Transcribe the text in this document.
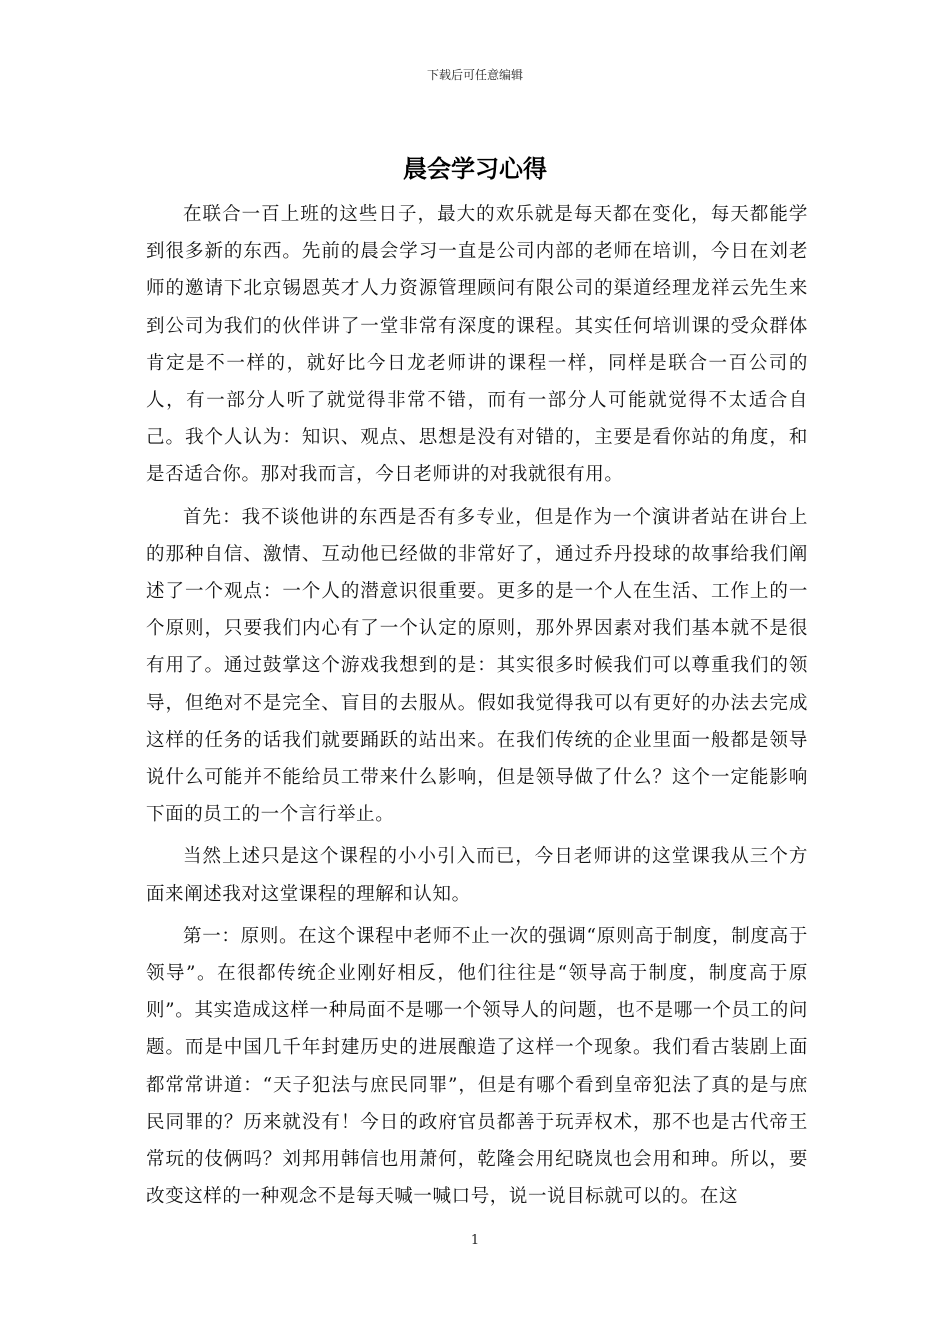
下载后可任意编辑
晨会学习心得

在联合一百上班的这些日子，最大的欢乐就是每天都在变化，每天都能学到很多新的东西。先前的晨会学习一直是公司内部的老师在培训，今日在刘老师的邀请下北京锡恩英才人力资源管理顾问有限公司的渠道经理龙祥云先生来到公司为我们的伙伴讲了一堂非常有深度的课程。其实任何培训课的受众群体肯定是不一样的，就好比今日龙老师讲的课程一样，同样是联合一百公司的人，有一部分人听了就觉得非常不错，而有一部分人可能就觉得不太适合自己。我个人认为：知识、观点、思想是没有对错的，主要是看你站的角度，和是否适合你。那对我而言，今日老师讲的对我就很有用。

首先：我不谈他讲的东西是否有多专业，但是作为一个演讲者站在讲台上的那种自信、激情、互动他已经做的非常好了，通过乔丹投球的故事给我们阐述了一个观点：一个人的潜意识很重要。更多的是一个人在生活、工作上的一个原则，只要我们内心有了一个认定的原则，那外界因素对我们基本就不是很有用了。通过鼓掌这个游戏我想到的是：其实很多时候我们可以尊重我们的领导，但绝对不是完全、盲目的去服从。假如我觉得我可以有更好的办法去完成这样的任务的话我们就要踊跃的站出来。在我们传统的企业里面一般都是领导说什么可能并不能给员工带来什么影响，但是领导做了什么？这个一定能影响下面的员工的一个言行举止。

当然上述只是这个课程的小小引入而已，今日老师讲的这堂课我从三个方面来阐述我对这堂课程的理解和认知。

第一：原则。在这个课程中老师不止一次的强调“原则高于制度，制度高于领导”。在很都传统企业刚好相反，他们往往是“领导高于制度，制度高于原则”。其实造成这样一种局面不是哪一个领导人的问题，也不是哪一个员工的问题。而是中国几千年封建历史的进展酿造了这样一个现象。我们看古装剧上面都常常讲道：“天子犯法与庶民同罪”，但是有哪个看到皇帝犯法了真的是与庶民同罪的？历来就没有！今日的政府官员都善于玩弄权术，那不也是古代帝王常玩的伎俩吗？刘邦用韩信也用萧何，乾隆会用纪晓岚也会用和珅。所以，要改变这样的一种观念不是每天喊一喊口号，说一说目标就可以的。在这

1
